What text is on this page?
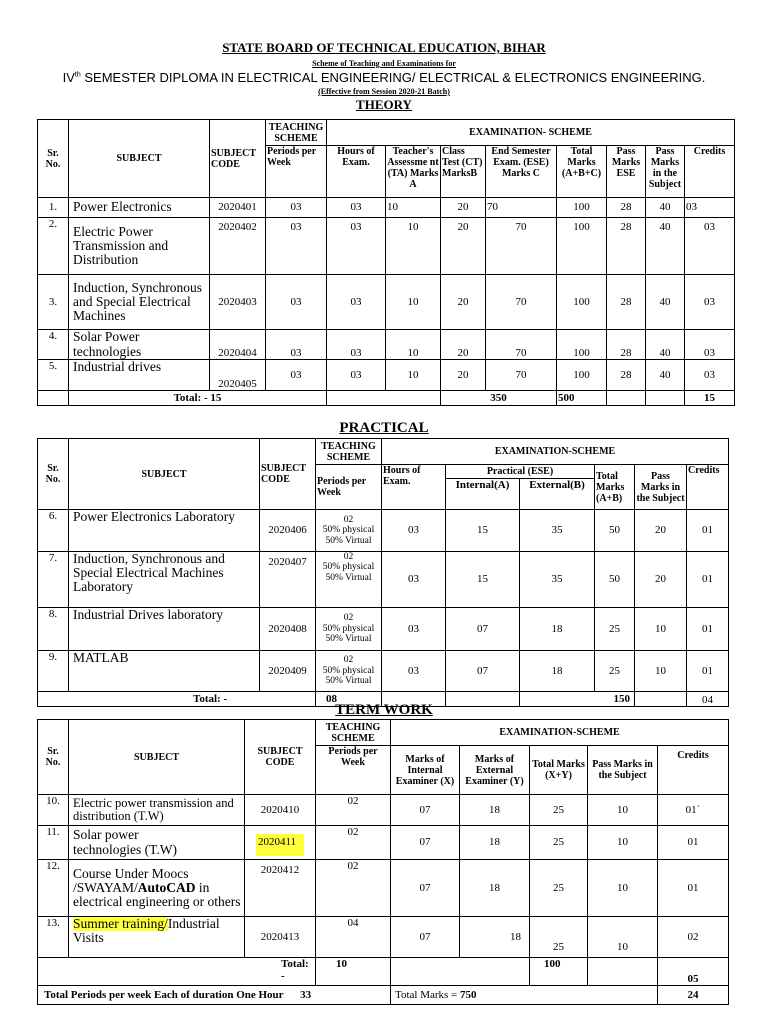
STATE BOARD OF TECHNICAL EDUCATION, BIHAR
Scheme of Teaching and Examinations for
IVth SEMESTER DIPLOMA IN ELECTRICAL ENGINEERING/ ELECTRICAL & ELECTRONICS ENGINEERING.
(Effective from Session 2020-21 Batch)
THEORY
Sr. No.	SUBJECT	SUBJECT CODE	TEACHING SCHEME	EXAMINATION- SCHEME							
			Periods per Week	Hours of Exam.	Teacher's Assessme nt (TA) Marks A	Class Test (CT) MarksB	End Semester Exam. (ESE) Marks C	Total Marks (A+B+C)	Pass Marks ESE	Pass Marks in the Subject	Credits
1.	Power Electronics	2020401	03	03	10	20	70	100	28	40	03
2.	Electric Power Transmission and Distribution	2020402	03	03	10	20	70	100	28	40	03
3.	Induction, Synchronous and Special Electrical Machines	2020403	03	03	10	20	70	100	28	40	03
4.	Solar Power technologies	2020404	03	03	10	20	70	100	28	40	03
5.	Industrial drives	2020405	03	03	10	20	70	100	28	40	03
	Total: - 15					350		500			15
PRACTICAL
Sr. No.	SUBJECT	SUBJECT CODE	TEACHING SCHEME	EXAMINATION-SCHEME					
			Periods per Week	Hours of Exam.	Practical (ESE)		Total Marks (A+B)	Pass Marks in the Subject	Credits
					Internal(A)	External(B)			
6.	Power Electronics Laboratory	2020406	02
50% physical
50% Virtual	03	15	35	50	20	01
7.	Induction, Synchronous and Special Electrical Machines Laboratory	2020407	02
50% physical
50% Virtual	03	15	35	50	20	01
8.	Industrial Drives laboratory	2020408	02
50% physical
50% Virtual	03	07	18	25	10	01
9.	MATLAB	2020409	02
50% physical
50% Virtual	03	07	18	25	10	01
Total: -			08			150			04
TERM WORK
Sr. No.	SUBJECT	SUBJECT CODE	TEACHING SCHEME	EXAMINATION-SCHEME				
			Periods per Week	Marks of Internal Examiner (X)	Marks of External Examiner (Y)	Total Marks (X+Y)	Pass Marks in the Subject	Credits
10.	Electric power transmission and distribution (T.W)	2020410	02	07	18	25	10	01`
11.	Solar power technologies (T.W)	2020411	02	07	18	25	10	01
12.	Course Under Moocs /SWAYAM/AutoCAD in electrical engineering or others	2020412	02	07	18	25	10	01
13.	Summer training/Industrial Visits	2020413	04	07	18	25	10	02
Total: -			10			100		05
Total Periods per week Each of duration One Hour 33				Total Marks = 750				24
